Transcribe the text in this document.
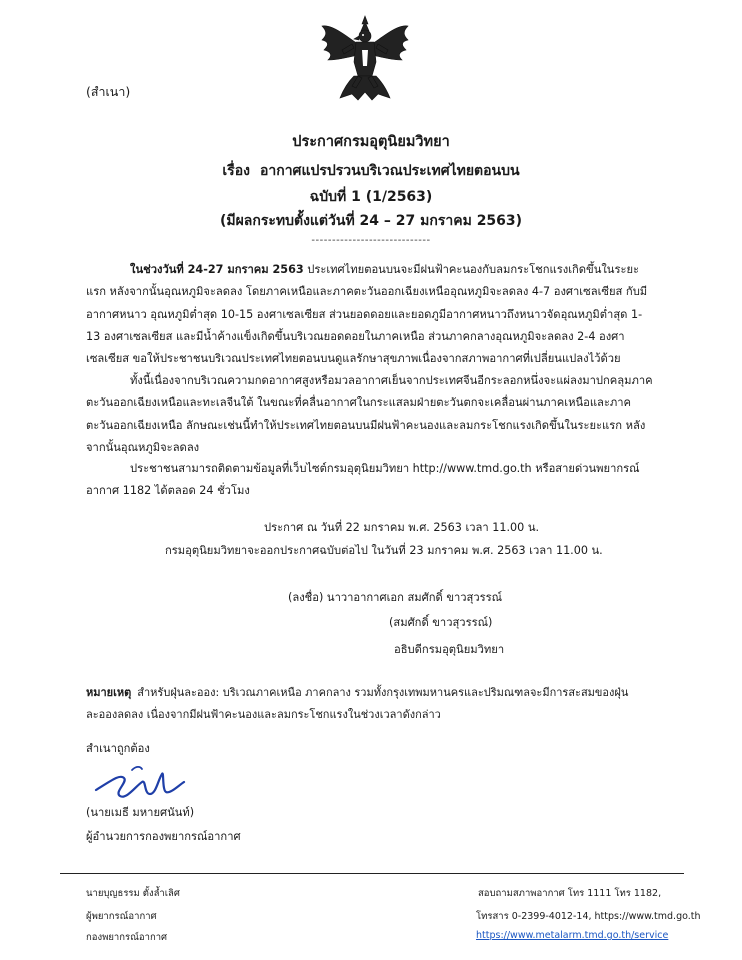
(สำเนา)
ประกาศกรมอุตุนิยมวิทยา
เรื่อง อากาศแปรปรวนบริเวณประเทศไทยตอนบน
ฉบับที่ 1 (1/2563)
(มีผลกระทบตั้งแต่วันที่ 24 – 27 มกราคม 2563)
-----------------------------
ในช่วงวันที่ 24-27 มกราคม 2563 ประเทศไทยตอนบนจะมีฝนฟ้าคะนองกับลมกระโชกแรงเกิดขึ้นในระยะแรก หลังจากนั้นอุณหภูมิจะลดลง โดยภาคเหนือและภาคตะวันออกเฉียงเหนืออุณหภูมิจะลดลง 4-7 องศาเซลเซียส กับมีอากาศหนาว อุณหภูมิต่ำสุด 10-15 องศาเซลเซียส ส่วนยอดดอยและยอดภูมีอากาศหนาวถึงหนาวจัดอุณหภูมิต่ำสุด 1-13 องศาเซลเซียส และมีน้ำค้างแข็งเกิดขึ้นบริเวณยอดดอยในภาคเหนือ ส่วนภาคกลางอุณหภูมิจะลดลง 2-4 องศาเซลเซียส ขอให้ประชาชนบริเวณประเทศไทยตอนบนดูแลรักษาสุขภาพเนื่องจากสภาพอากาศที่เปลี่ยนแปลงไว้ด้วย
ทั้งนี้เนื่องจากบริเวณความกดอากาศสูงหรือมวลอากาศเย็นจากประเทศจีนอีกระลอกหนึ่งจะแผ่ลงมาปกคลุมภาคตะวันออกเฉียงเหนือและทะเลจีนใต้ ในขณะที่คลื่นอากาศในกระแสลมฝ่ายตะวันตกจะเคลื่อนผ่านภาคเหนือและภาคตะวันออกเฉียงเหนือ ลักษณะเช่นนี้ทำให้ประเทศไทยตอนบนมีฝนฟ้าคะนองและลมกระโชกแรงเกิดขึ้นในระยะแรก หลังจากนั้นอุณหภูมิจะลดลง
ประชาชนสามารถติดตามข้อมูลที่เว็บไซต์กรมอุตุนิยมวิทยา http://www.tmd.go.th หรือสายด่วนพยากรณ์อากาศ 1182 ได้ตลอด 24 ชั่วโมง
ประกาศ ณ วันที่ 22 มกราคม พ.ศ. 2563 เวลา 11.00 น.
กรมอุตุนิยมวิทยาจะออกประกาศฉบับต่อไป ในวันที่ 23 มกราคม พ.ศ. 2563 เวลา 11.00 น.
(ลงชื่อ) นาวาอากาศเอก สมศักดิ์ ขาวสุวรรณ์
(สมศักดิ์ ขาวสุวรรณ์)
อธิบดีกรมอุตุนิยมวิทยา
หมายเหตุ สำหรับฝุ่นละออง: บริเวณภาคเหนือ ภาคกลาง รวมทั้งกรุงเทพมหานครและปริมณฑลจะมีการสะสมของฝุ่นละอองลดลง เนื่องจากมีฝนฟ้าคะนองและลมกระโชกแรงในช่วงเวลาดังกล่าว
สำเนาถูกต้อง
(นายเมธี มหายศนันท์)
ผู้อำนวยการกองพยากรณ์อากาศ
นายบุญธรรม ตั้งล้ำเลิศ
ผู้พยากรณ์อากาศ
กองพยากรณ์อากาศ
สอบถามสภาพอากาศ โทร 1111 โทร 1182,
โทรสาร 0-2399-4012-14, https://www.tmd.go.th
https://www.metalarm.tmd.go.th/service
